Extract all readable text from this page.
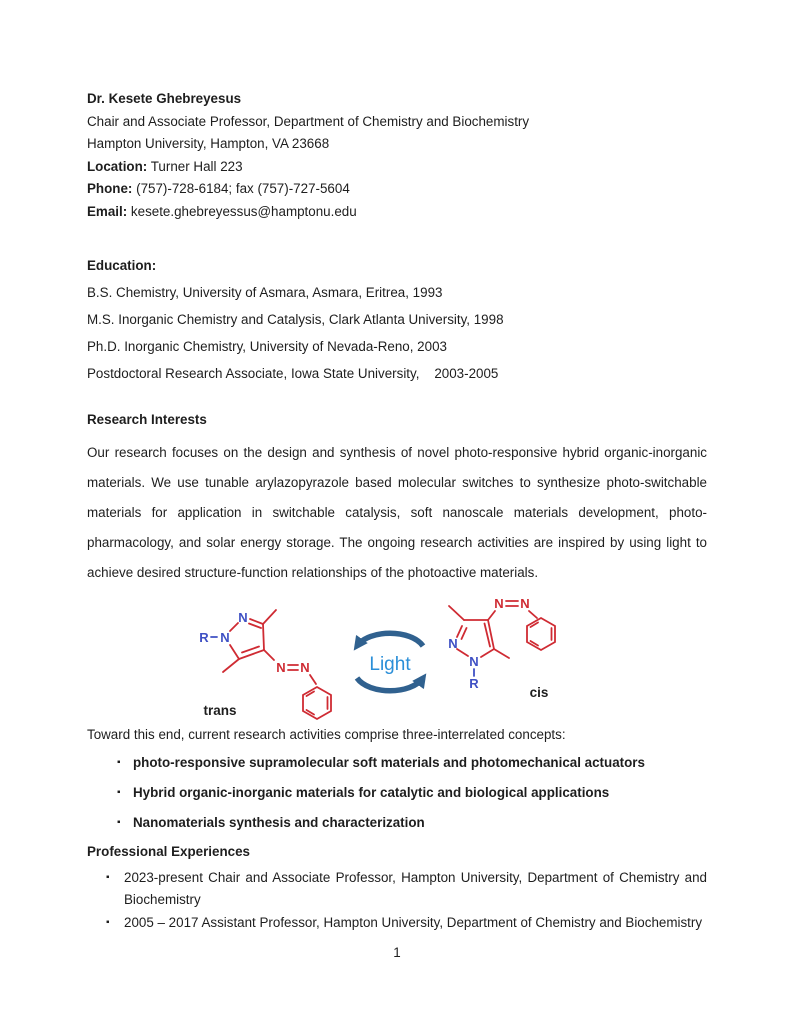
Dr. Kesete Ghebreyesus
Chair and Associate Professor, Department of Chemistry and Biochemistry
Hampton University, Hampton, VA 23668
Location: Turner Hall 223
Phone: (757)-728-6184; fax (757)-727-5604
Email: kesete.ghebreyessus@hamptonu.edu
Education:
B.S. Chemistry, University of Asmara, Asmara, Eritrea, 1993
M.S. Inorganic Chemistry and Catalysis, Clark Atlanta University, 1998
Ph.D. Inorganic Chemistry, University of Nevada-Reno, 2003
Postdoctoral Research Associate, Iowa State University,    2003-2005
Research Interests

Our research focuses on the design and synthesis of novel photo-responsive hybrid organic-inorganic materials. We use tunable arylazopyrazole based molecular switches to synthesize photo-switchable materials for application in switchable catalysis, soft nanoscale materials development, photo-pharmacology, and solar energy storage. The ongoing research activities are inspired by using light to achieve desired structure-function relationships of the photoactive materials.

R N
N
N N
trans
Light
N
N
R
N N
cis
Toward this end, current research activities comprise three-interrelated concepts:
▪ photo-responsive supramolecular soft materials and photomechanical actuators
▪ Hybrid organic-inorganic materials for catalytic and biological applications
▪ Nanomaterials synthesis and characterization
Professional Experiences
▪	2023-present Chair and Associate Professor, Hampton University, Department of Chemistry and Biochemistry
▪	2005 – 2017 Assistant Professor, Hampton University, Department of Chemistry and Biochemistry
1
